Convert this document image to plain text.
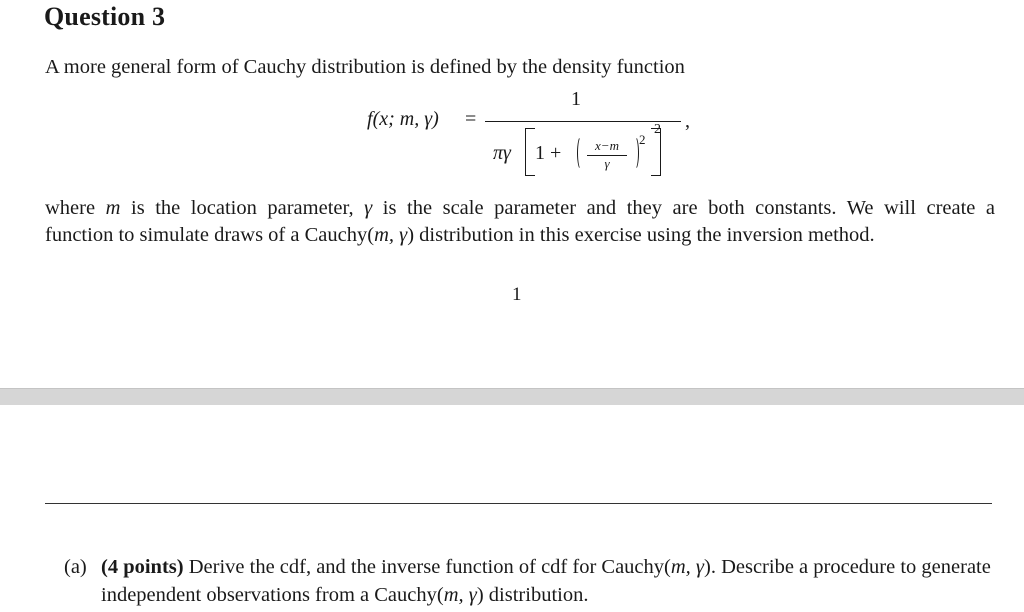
Question 3
A more general form of Cauchy distribution is defined by the density function
f(x; m, γ) =
1
,
πγ 1 +	x−m
γ
2
2
where m is the location parameter, γ is the scale parameter and they are both constants. We will create a
function to simulate draws of a Cauchy(m, γ) distribution in this exercise using the inversion method.
1
(a) (4 points) Derive the cdf, and the inverse function of cdf for Cauchy(m, γ). Describe a procedure to generate independent observations from a Cauchy(m, γ) distribution.
